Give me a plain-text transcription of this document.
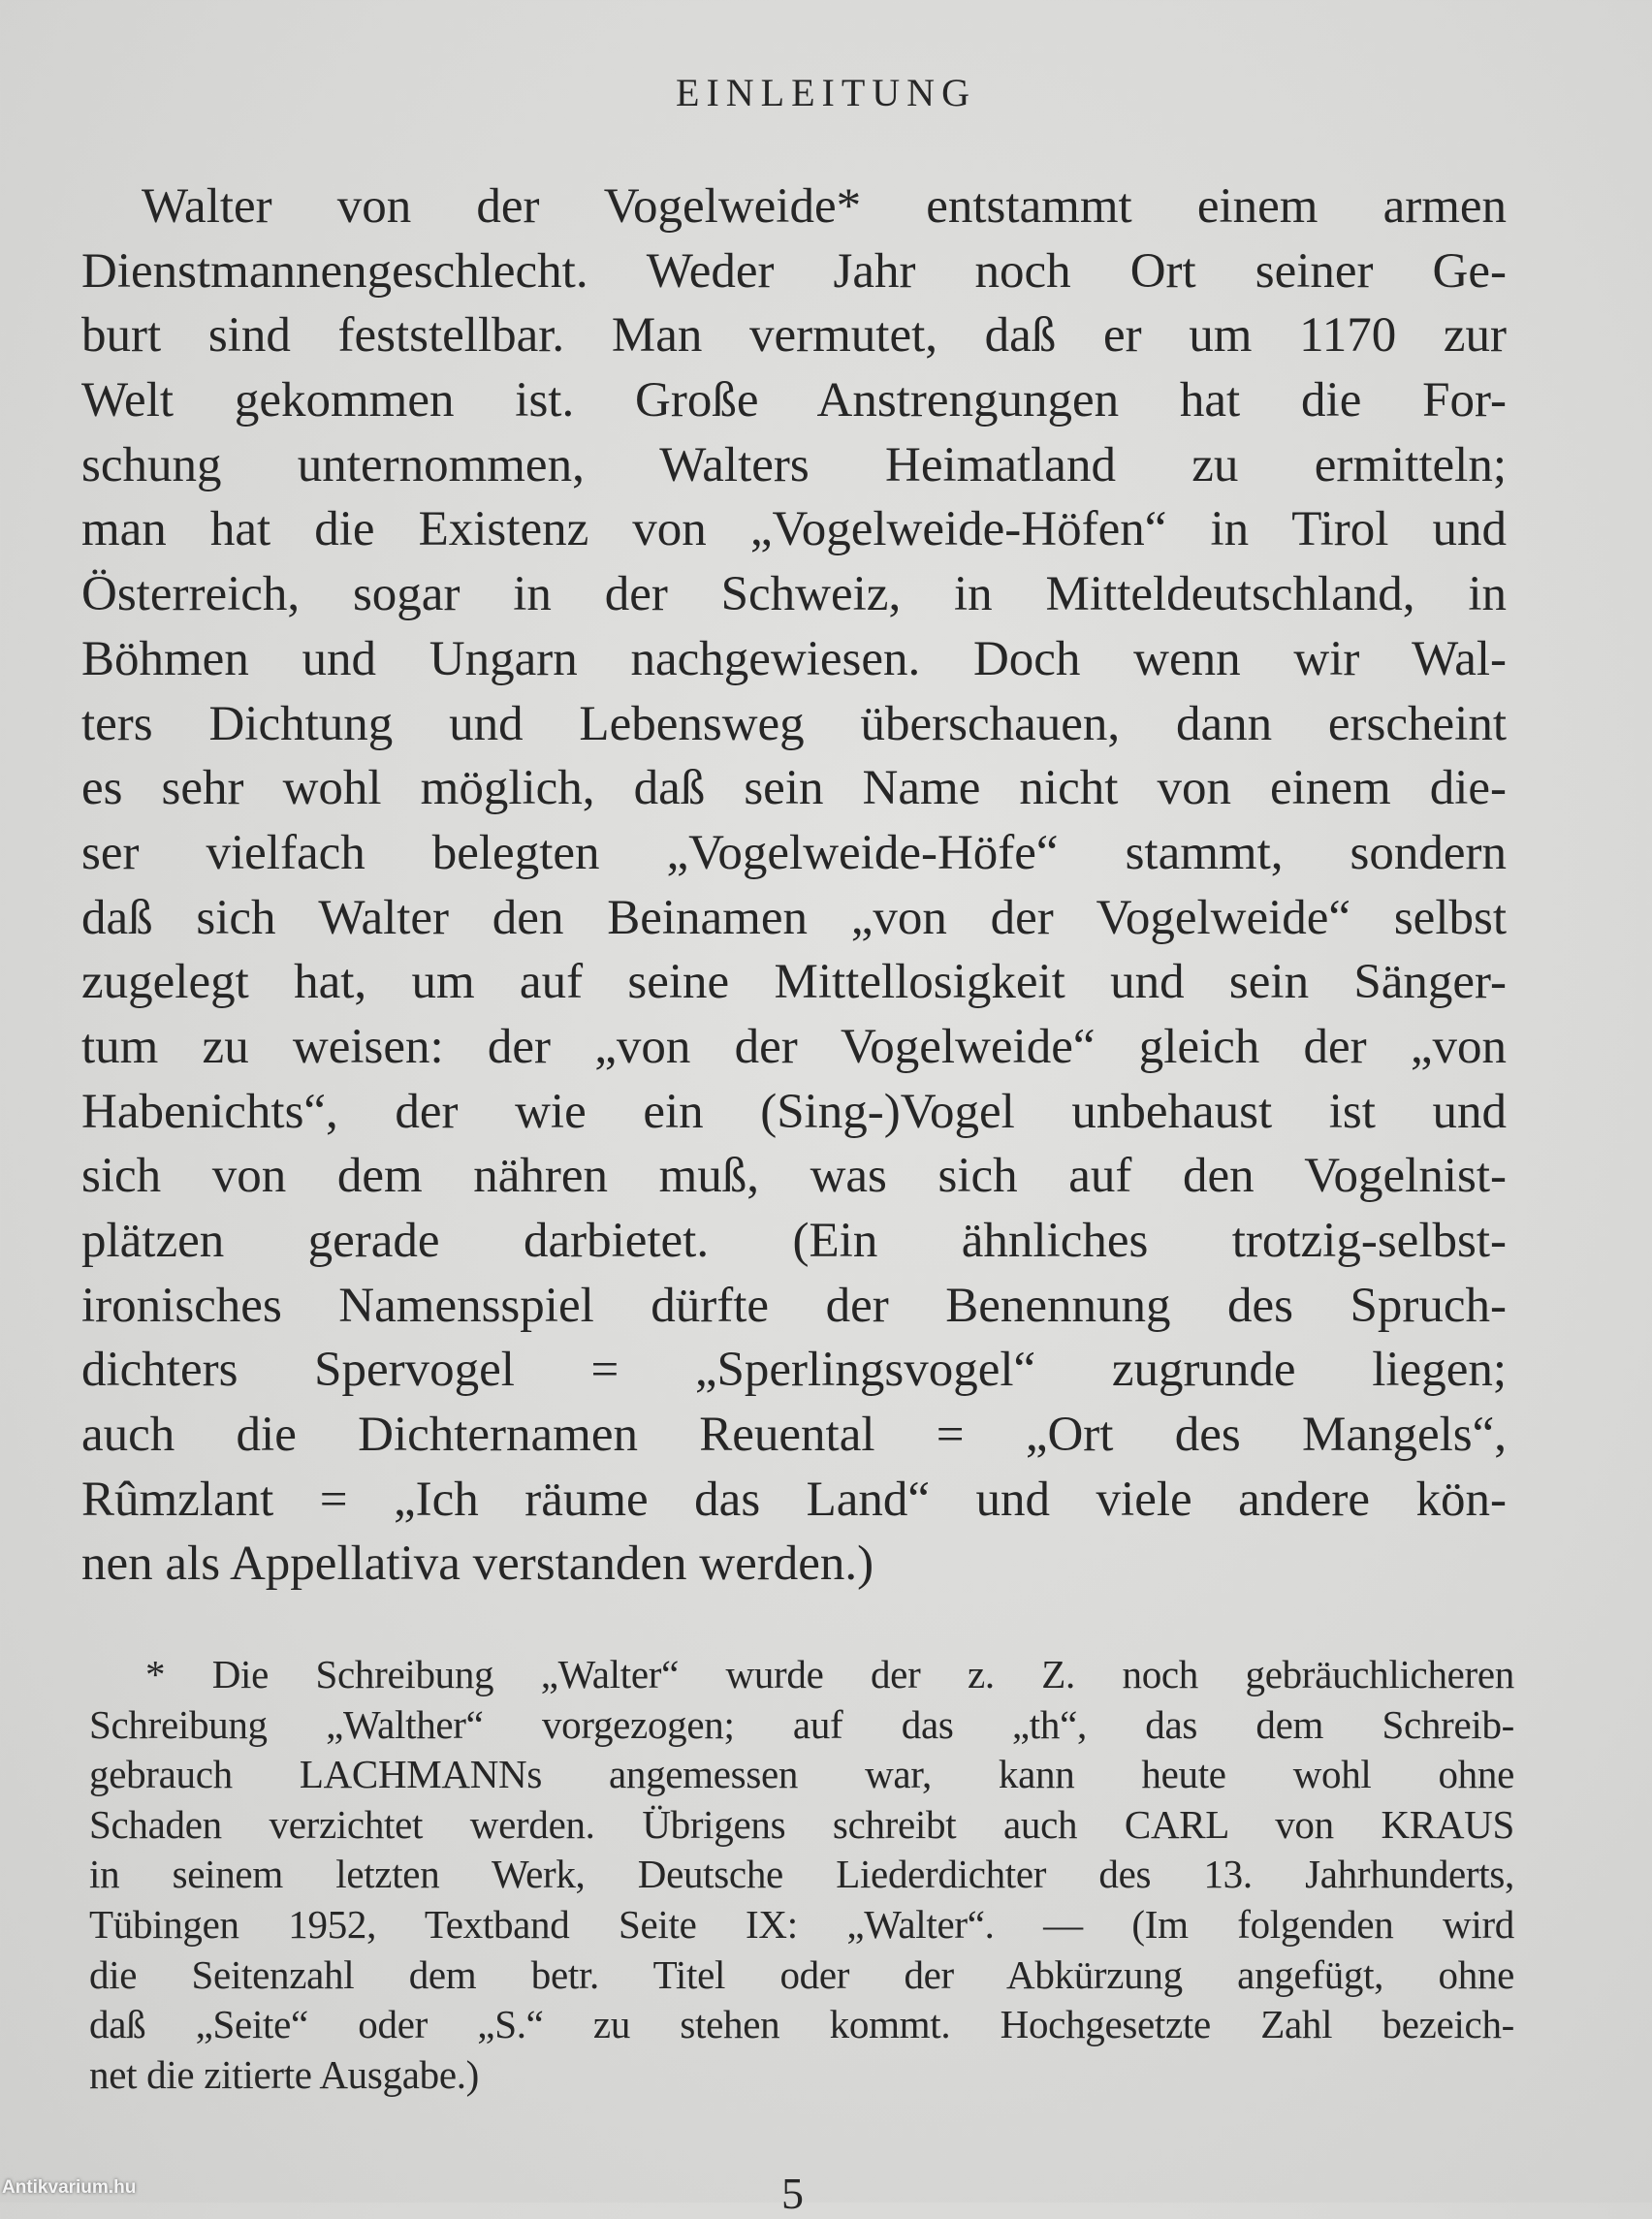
EINLEITUNG
Walter von der Vogelweide* entstammt einem armen
Dienstmannengeschlecht. Weder Jahr noch Ort seiner Ge-
burt sind feststellbar. Man vermutet, daß er um 1170 zur
Welt gekommen ist. Große Anstrengungen hat die For-
schung unternommen, Walters Heimatland zu ermitteln;
man hat die Existenz von „Vogelweide-Höfen“ in Tirol und
Österreich, sogar in der Schweiz, in Mitteldeutschland, in
Böhmen und Ungarn nachgewiesen. Doch wenn wir Wal-
ters Dichtung und Lebensweg überschauen, dann erscheint
es sehr wohl möglich, daß sein Name nicht von einem die-
ser vielfach belegten „Vogelweide-Höfe“ stammt, sondern
daß sich Walter den Beinamen „von der Vogelweide“ selbst
zugelegt hat, um auf seine Mittellosigkeit und sein Sänger-
tum zu weisen: der „von der Vogelweide“ gleich der „von
Habenichts“, der wie ein (Sing-)Vogel unbehaust ist und
sich von dem nähren muß, was sich auf den Vogelnist-
plätzen gerade darbietet. (Ein ähnliches trotzig-selbst-
ironisches Namensspiel dürfte der Benennung des Spruch-
dichters Spervogel = „Sperlingsvogel“ zugrunde liegen;
auch die Dichternamen Reuental = „Ort des Mangels“,
Rûmzlant = „Ich räume das Land“ und viele andere kön-
nen als Appellativa verstanden werden.)
* Die Schreibung „Walter“ wurde der z. Z. noch gebräuchlicheren
Schreibung „Walther“ vorgezogen; auf das „th“, das dem Schreib-
gebrauch LACHMANNs angemessen war, kann heute wohl ohne
Schaden verzichtet werden. Übrigens schreibt auch CARL von KRAUS
in seinem letzten Werk, Deutsche Liederdichter des 13. Jahrhunderts,
Tübingen 1952, Textband Seite IX: „Walter“. — (Im folgenden wird
die Seitenzahl dem betr. Titel oder der Abkürzung angefügt, ohne
daß „Seite“ oder „S.“ zu stehen kommt. Hochgesetzte Zahl bezeich-
net die zitierte Ausgabe.)
5
Antikvarium.hu
